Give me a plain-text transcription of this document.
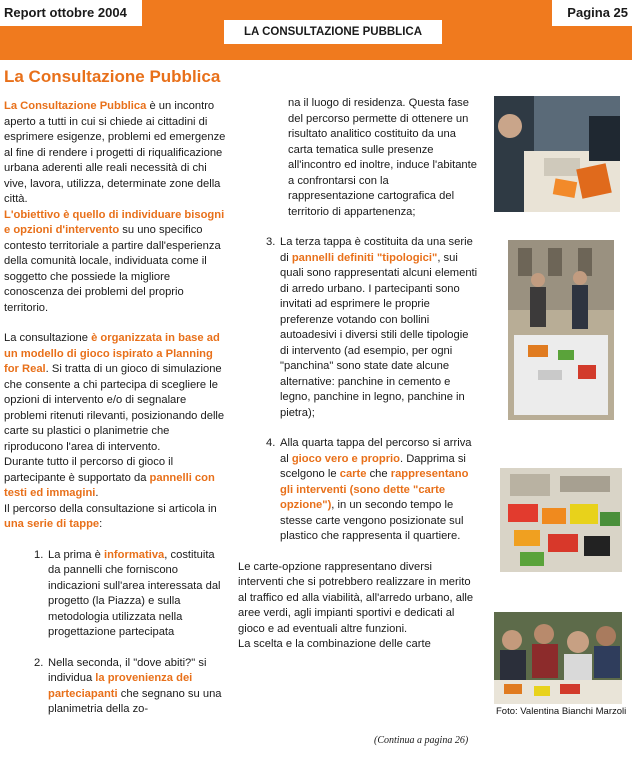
Report ottobre 2004	Pagina 25
LA CONSULTAZIONE PUBBLICA
La Consultazione Pubblica

La Consultazione Pubblica è un incontro aperto a tutti in cui si chiede ai cittadini di esprimere esigenze, problemi ed emergenze al fine di rendere i progetti di riqualificazione urbana aderenti alle reali necessità di chi vive, lavora, utilizza, determinate zone della città.

L'obiettivo è quello di individuare bisogni e opzioni d'intervento su uno specifico contesto territoriale a partire dall'esperienza della comunità locale, individuata come il soggetto che possiede la migliore conoscenza dei problemi del proprio territorio.

La consultazione è organizzata in base ad un modello di gioco ispirato a Planning for Real. Si tratta di un gioco di simulazione che consente a chi partecipa di scegliere le opzioni di intervento e/o di segnalare problemi ritenuti rilevanti, posizionando delle carte su plastici o planimetrie che riproducono l'area di intervento.

Durante tutto il percorso di gioco il partecipante è supportato da pannelli con testi ed immagini.

Il percorso della consultazione si articola in una serie di tappe:

1. La prima è informativa, costituita da pannelli che forniscono indicazioni sull'area interessata dal progetto (la Piazza) e sulla metodologia utilizzata nella progettazione partecipata
2. Nella seconda, il "dove abiti?" si individua la provenienza dei parteciapanti che segnano su una planimetria della zo-

na il luogo di residenza. Questa fase del percorso permette di ottenere un risultato analitico costituito da una carta tematica sulle presenze all'incontro ed inoltre, induce l'abitante a confrontarsi con la rappresentazione cartografica del territorio di appartenenza;

3. La terza tappa è costituita da una serie di pannelli definiti "tipologici", sui quali sono rappresentati alcuni elementi di arredo urbano. I partecipanti sono invitati ad esprimere le proprie preferenze votando con bollini autoadesivi i diversi stili delle tipologie di intervento (ad esempio, per ogni "panchina" sono state date alcune alternative: panchine in cemento e legno, panchine in legno, panchine in pietra);
4. Alla quarta tappa del percorso si arriva al gioco vero e proprio. Dapprima si scelgono le carte che rappresentano gli interventi (sono dette "carte opzione"), in un secondo tempo le stesse carte vengono posizionate sul plastico che rappresenta il quartiere.

Le carte-opzione rappresentano diversi interventi che si potrebbero realizzare in merito al traffico ed alla viabilità, all'arredo urbano, alle aree verdi, agli impianti sportivi e dedicati al gioco e ad eventuali altre funzioni.

La scelta e la combinazione delle carte

(Continua a pagina 26)
Foto: Valentina Bianchi Marzoli
